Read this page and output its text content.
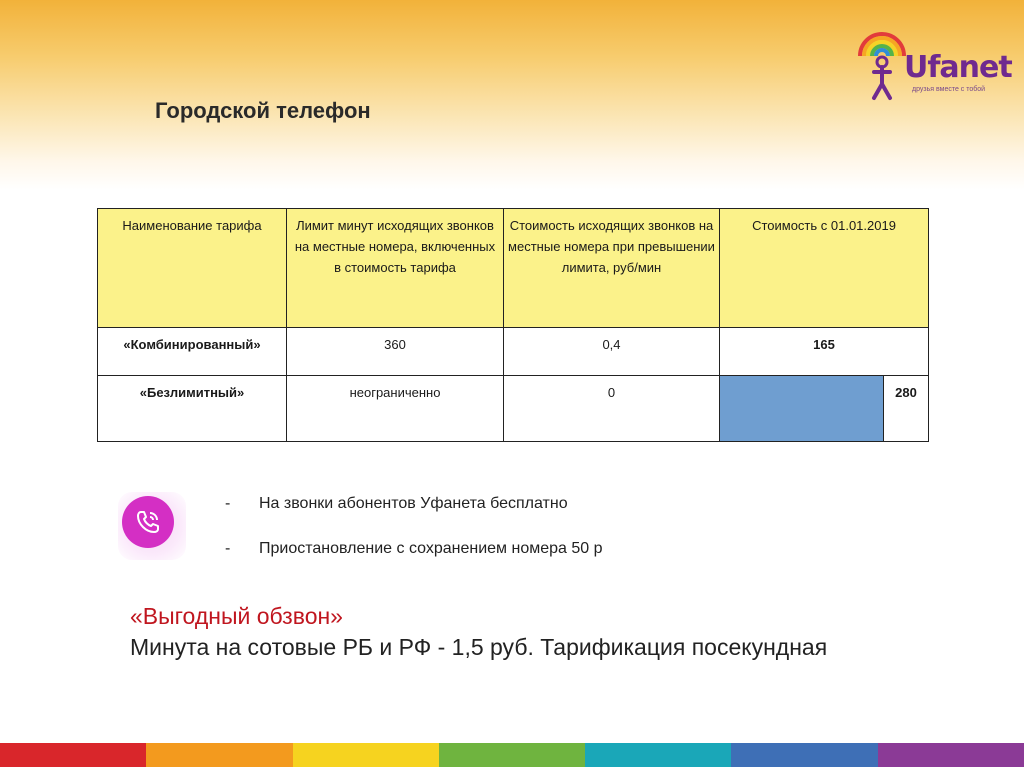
Городской телефон
Ufanet
друзья вместе с тобой
Наименование тарифа	Лимит минут исходящих звонков на местные номера, включенных в стоимость тарифа	Стоимость исходящих звонков на местные номера при превышении лимита, руб/мин	Стоимость с 01.01.2019	
«Комбинированный»	360	0,4	165	
«Безлимитный»	неограниченно	0		280
- На звонки абонентов Уфанета бесплатно
- Приостановление с сохранением номера 50 р
«Выгодный обзвон»
Минута на сотовые РБ и РФ - 1,5 руб. Тарификация посекундная
